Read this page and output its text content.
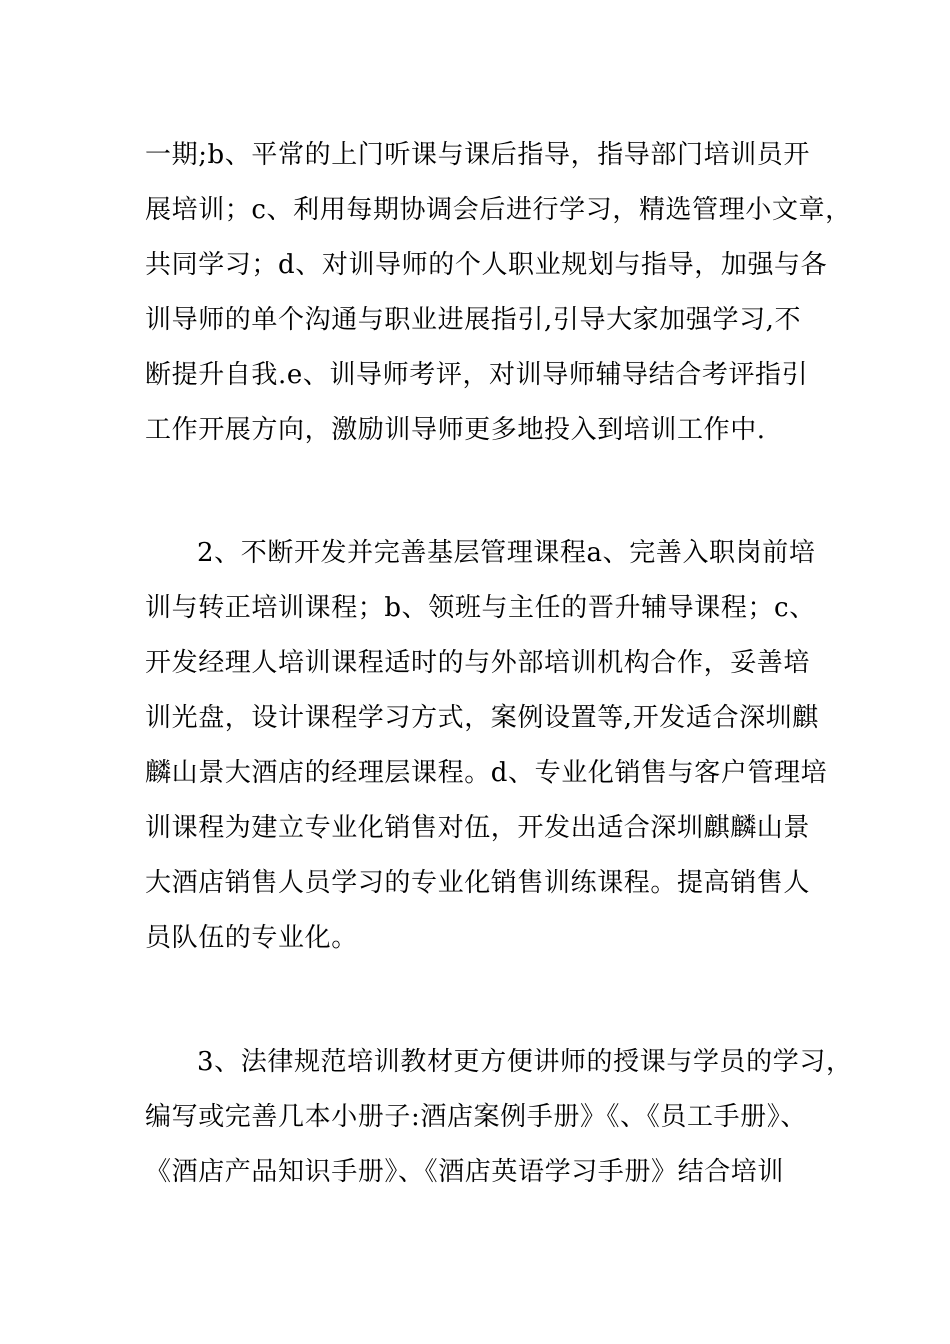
一期;b、平常的上门听课与课后指导，指导部门培训员开

展培训；c、利用每期协调会后进行学习，精选管理小文章，

共同学习；d、对训导师的个人职业规划与指导，加强与各

训导师的单个沟通与职业进展指引,引导大家加强学习,不

断提升自我.e、训导师考评，对训导师辅导结合考评指引

工作开展方向，激励训导师更多地投入到培训工作中.

2、不断开发并完善基层管理课程a、完善入职岗前培

训与转正培训课程；b、领班与主任的晋升辅导课程；c、

开发经理人培训课程适时的与外部培训机构合作，妥善培

训光盘，设计课程学习方式，案例设置等,开发适合深圳麒

麟山景大酒店的经理层课程。d、专业化销售与客户管理培

训课程为建立专业化销售对伍，开发出适合深圳麒麟山景

大酒店销售人员学习的专业化销售训练课程。提高销售人

员队伍的专业化。

3、法律规范培训教材更方便讲师的授课与学员的学习，

编写或完善几本小册子:酒店案例手册》《、《员工手册》、

《酒店产品知识手册》、《酒店英语学习手册》结合培训
